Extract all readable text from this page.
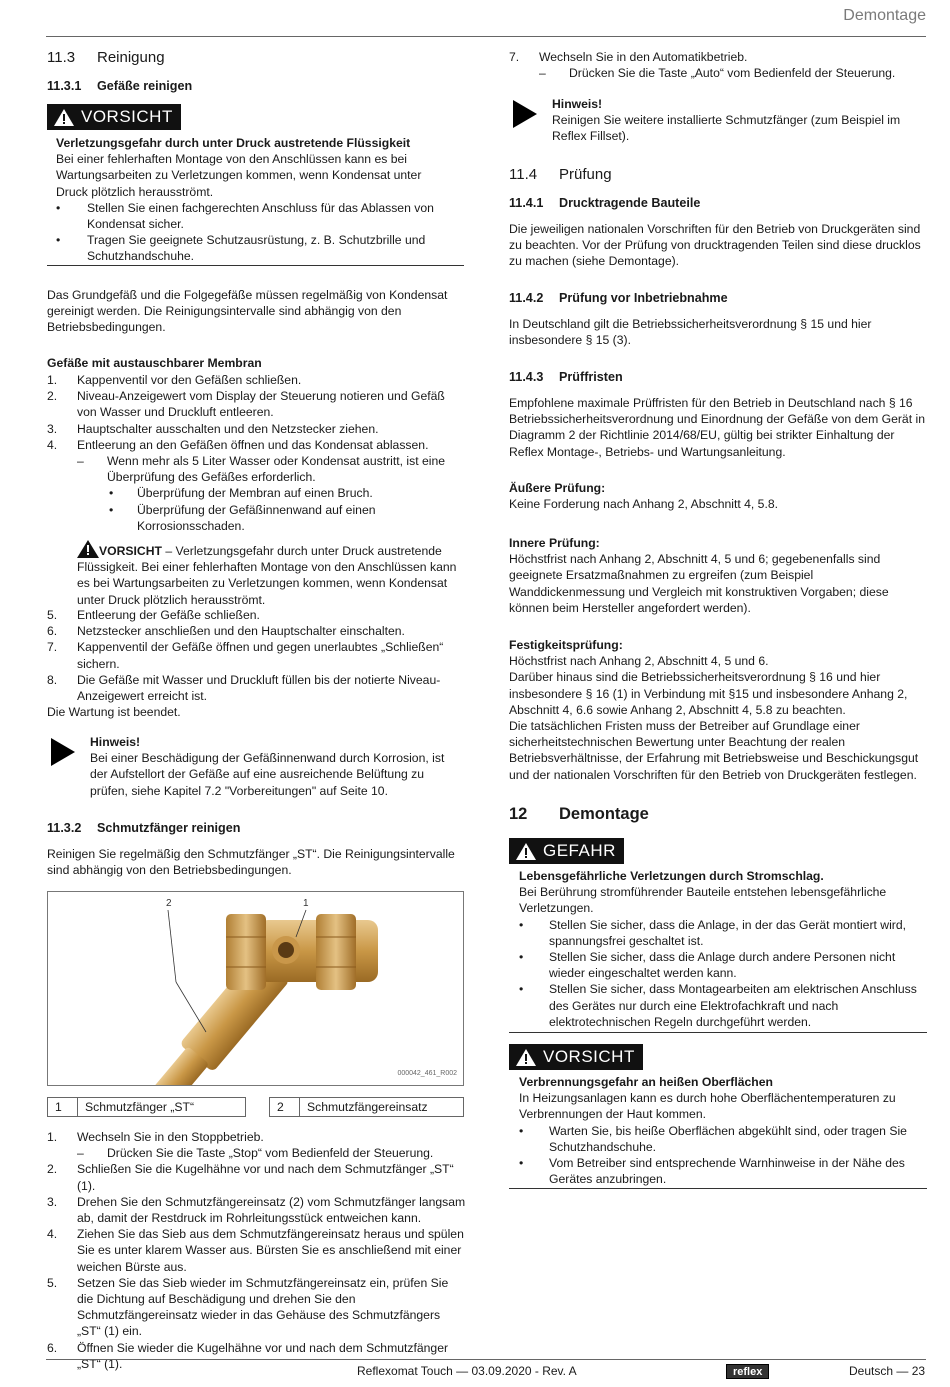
Demontage
11.3 Reinigung
11.3.1 Gefäße reinigen
VORSICHT
Verletzungsgefahr durch unter Druck austretende Flüssigkeit
Bei einer fehlerhaften Montage von den Anschlüssen kann es bei Wartungsarbeiten zu Verletzungen kommen, wenn Kondensat unter Druck plötzlich herausströmt.
• Stellen Sie einen fachgerechten Anschluss für das Ablassen von Kondensat sicher.
• Tragen Sie geeignete Schutzausrüstung, z. B. Schutzbrille und Schutzhandschuhe.
Das Grundgefäß und die Folgegefäße müssen regelmäßig von Kondensat gereinigt werden. Die Reinigungsintervalle sind abhängig von den Betriebsbedingungen.
Gefäße mit austauschbarer Membran
1. Kappenventil vor den Gefäßen schließen.
2. Niveau-Anzeigewert vom Display der Steuerung notieren und Gefäß von Wasser und Druckluft entleeren.
3. Hauptschalter ausschalten und den Netzstecker ziehen.
4. Entleerung an den Gefäßen öffnen und das Kondensat ablassen.
– Wenn mehr als 5 Liter Wasser oder Kondensat austritt, ist eine Überprüfung des Gefäßes erforderlich.
• Überprüfung der Membran auf einen Bruch.
• Überprüfung der Gefäßinnenwand auf einen Korrosionsschaden.
VORSICHT – Verletzungsgefahr durch unter Druck austretende Flüssigkeit. Bei einer fehlerhaften Montage von den Anschlüssen kann es bei Wartungsarbeiten zu Verletzungen kommen, wenn Kondensat unter Druck plötzlich herausströmt.
5. Entleerung der Gefäße schließen.
6. Netzstecker anschließen und den Hauptschalter einschalten.
7. Kappenventil der Gefäße öffnen und gegen unerlaubtes „Schließen“ sichern.
8. Die Gefäße mit Wasser und Druckluft füllen bis der notierte Niveau-Anzeigewert erreicht ist.
Die Wartung ist beendet.
Hinweis!
Bei einer Beschädigung der Gefäßinnenwand durch Korrosion, ist der Aufstellort der Gefäße auf eine ausreichende Belüftung zu prüfen, siehe Kapitel 7.2 "Vorbereitungen" auf Seite 10.
11.3.2 Schmutzfänger reinigen
Reinigen Sie regelmäßig den Schmutzfänger „ST“. Die Reinigungsintervalle sind abhängig von den Betriebsbedingungen.
2	1
000042_461_R002
1	Schmutzfänger „ST“	2	Schmutzfängereinsatz
1. Wechseln Sie in den Stoppbetrieb.
– Drücken Sie die Taste „Stop“ vom Bedienfeld der Steuerung.
2. Schließen Sie die Kugelhähne vor und nach dem Schmutzfänger „ST“ (1).
3. Drehen Sie den Schmutzfängereinsatz (2) vom Schmutzfänger langsam ab, damit der Restdruck im Rohrleitungsstück entweichen kann.
4. Ziehen Sie das Sieb aus dem Schmutzfängereinsatz heraus und spülen Sie es unter klarem Wasser aus. Bürsten Sie es anschließend mit einer weichen Bürste aus.
5. Setzen Sie das Sieb wieder im Schmutzfängereinsatz ein, prüfen Sie die Dichtung auf Beschädigung und drehen Sie den Schmutzfängereinsatz wieder in das Gehäuse des Schmutzfängers „ST“ (1) ein.
6. Öffnen Sie wieder die Kugelhähne vor und nach dem Schmutzfänger „ST“ (1).
7. Wechseln Sie in den Automatikbetrieb.
– Drücken Sie die Taste „Auto“ vom Bedienfeld der Steuerung.
Hinweis!
Reinigen Sie weitere installierte Schmutzfänger (zum Beispiel im Reflex Fillset).
11.4 Prüfung
11.4.1 Drucktragende Bauteile
Die jeweiligen nationalen Vorschriften für den Betrieb von Druckgeräten sind zu beachten. Vor der Prüfung von drucktragenden Teilen sind diese drucklos zu machen (siehe Demontage).
11.4.2 Prüfung vor Inbetriebnahme
In Deutschland gilt die Betriebssicherheitsverordnung § 15 und hier insbesondere § 15 (3).
11.4.3 Prüffristen
Empfohlene maximale Prüffristen für den Betrieb in Deutschland nach § 16 Betriebssicherheitsverordnung und Einordnung der Gefäße von dem Gerät in Diagramm 2 der Richtlinie 2014/68/EU, gültig bei strikter Einhaltung der Reflex Montage-, Betriebs- und Wartungsanleitung.
Äußere Prüfung:
Keine Forderung nach Anhang 2, Abschnitt 4, 5.8.
Innere Prüfung:
Höchstfrist nach Anhang 2, Abschnitt 4, 5 und 6; gegebenenfalls sind geeignete Ersatzmaßnahmen zu ergreifen (zum Beispiel Wanddickenmessung und Vergleich mit konstruktiven Vorgaben; diese können beim Hersteller angefordert werden).
Festigkeitsprüfung:
Höchstfrist nach Anhang 2, Abschnitt 4, 5 und 6.
Darüber hinaus sind die Betriebssicherheitsverordnung § 16 und hier insbesondere § 16 (1) in Verbindung mit §15 und insbesondere Anhang 2, Abschnitt 4, 6.6 sowie Anhang 2, Abschnitt 4, 5.8 zu beachten.
Die tatsächlichen Fristen muss der Betreiber auf Grundlage einer sicherheitstechnischen Bewertung unter Beachtung der realen Betriebsverhältnisse, der Erfahrung mit Betriebsweise und Beschickungsgut und der nationalen Vorschriften für den Betrieb von Druckgeräten festlegen.
12 Demontage
GEFAHR
Lebensgefährliche Verletzungen durch Stromschlag.
Bei Berührung stromführender Bauteile entstehen lebensgefährliche Verletzungen.
• Stellen Sie sicher, dass die Anlage, in der das Gerät montiert wird, spannungsfrei geschaltet ist.
• Stellen Sie sicher, dass die Anlage durch andere Personen nicht wieder eingeschaltet werden kann.
• Stellen Sie sicher, dass Montagearbeiten am elektrischen Anschluss des Gerätes nur durch eine Elektrofachkraft und nach elektrotechnischen Regeln durchgeführt werden.
VORSICHT
Verbrennungsgefahr an heißen Oberflächen
In Heizungsanlagen kann es durch hohe Oberflächentemperaturen zu Verbrennungen der Haut kommen.
• Warten Sie, bis heiße Oberflächen abgekühlt sind, oder tragen Sie Schutzhandschuhe.
• Vom Betreiber sind entsprechende Warnhinweise in der Nähe des Gerätes anzubringen.
Reflexomat Touch — 03.09.2020 - Rev. A	reflex	Deutsch — 23
